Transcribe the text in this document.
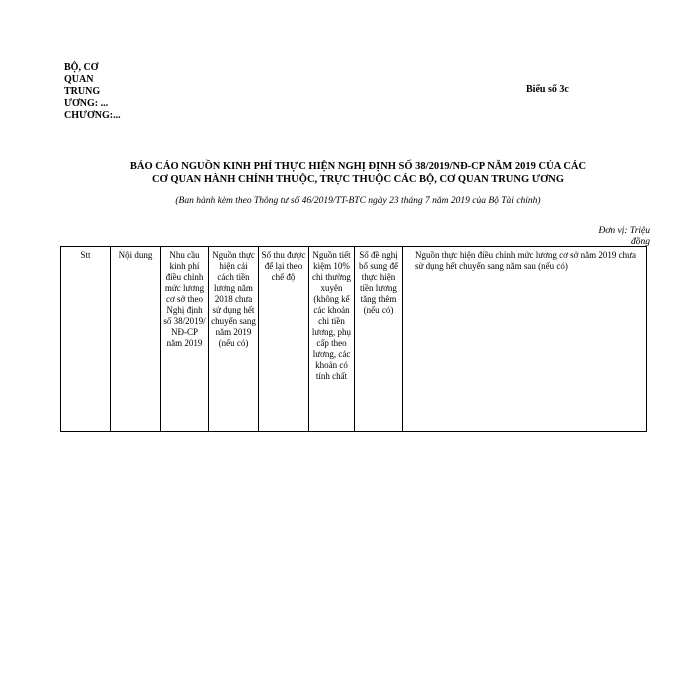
BỘ, CƠ QUAN TRUNG ƯƠNG: ... CHƯƠNG:...
Biểu số 3c
BÁO CÁO NGUỒN KINH PHÍ THỰC HIỆN NGHỊ ĐỊNH SỐ 38/2019/NĐ-CP NĂM 2019 CỦA CÁC
CƠ QUAN HÀNH CHÍNH THUỘC, TRỰC THUỘC CÁC BỘ, CƠ QUAN TRUNG ƯƠNG
(Ban hành kèm theo Thông tư số 46/2019/TT-BTC ngày 23 tháng 7 năm 2019 của Bộ Tài chính)
Đơn vị: Triệu đồng
Stt	Nội dung	Nhu cầu kinh phí điều chỉnh mức lương cơ sở theo Nghị định số 38/2019/ NĐ-CP năm 2019	Nguồn thực hiện cải cách tiền lương năm 2018 chưa sử dụng hết chuyển sang năm 2019 (nếu có)	Số thu được để lại theo chế độ	Nguồn tiết kiệm 10% chi thường xuyên (không kể các khoản chi tiền lương, phụ cấp theo lương, các khoản có tính chất	Số đề nghị bổ sung để thực hiện tiền lương tăng thêm (nếu có)	Nguồn thực hiện điều chỉnh mức lương cơ sở năm 2019 chưa sử dụng hết chuyển sang năm sau (nếu có)
